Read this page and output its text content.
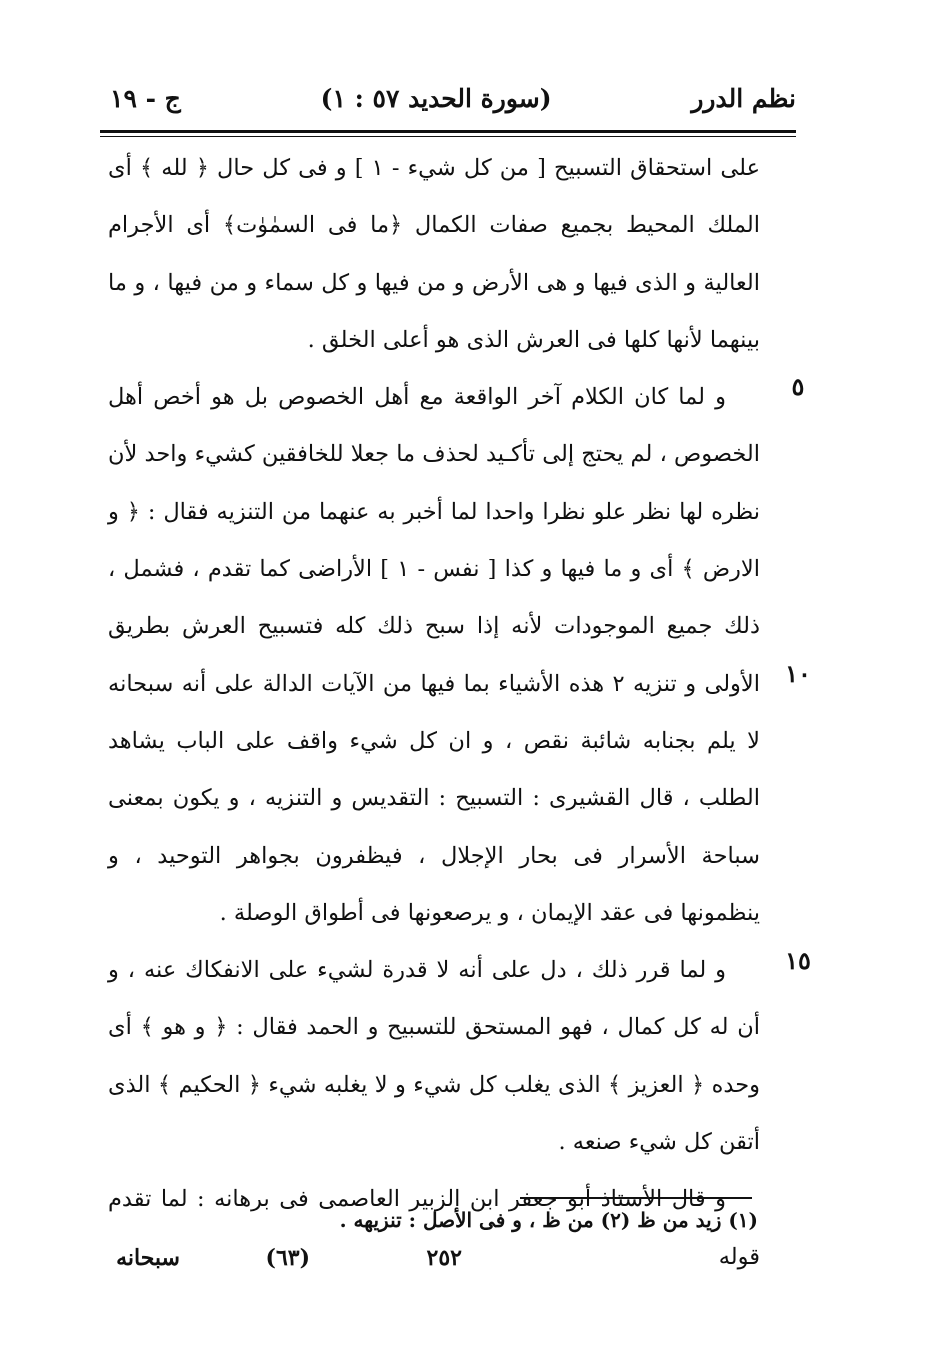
نظم الدرر
(سورة الحديد ٥٧ : ١)
ج - ١٩

على استحقاق التسبيح [ من كل شيء - ١ ] و فى كل حال ﴿ لله ﴾ أى الملك المحيط بجميع صفات الكمال ﴿ما فى السمٰوٰت﴾ أى الأجرام العالية و الذى فيها و هى الأرض و من فيها و كل سماء و من فيها ، و ما بينهما لأنها كلها فى العرش الذى هو أعلى الخلق .

و لما كان الكلام آخر الواقعة مع أهل الخصوص بل هو أخص أهل الخصوص ، لم يحتج إلى تأكـيد لحذف ما جعلا للخافقين كشيء واحد لأن نظره لها نظر علو نظرا واحدا لما أخبر به عنهما من التنزيه فقال : ﴿ و الارض ﴾ أى و ما فيها و كذا [ نفس - ١ ] الأراضى كما تقدم ، فشمل ، ذلك جميع الموجودات لأنه إذا سبح ذلك كله فتسبيح العرش بطريق الأولى و تنزيه ٢ هذه الأشياء بما فيها من الآيات الدالة على أنه سبحانه لا يلم بجنابه شائبة نقص ، و ان كل شيء واقف على الباب يشاهد الطلب ، قال القشيرى : التسبيح : التقديس و التنزيه ، و يكون بمعنى سباحة الأسرار فى بحار الإجلال ، فيظفرون بجواهر التوحيد ، و ينظمونها فى عقد الإيمان ، و يرصعونها فى أطواق الوصلة .

و لما قرر ذلك ، دل على أنه لا قدرة لشيء على الانفكاك عنه ، و أن له كل كمال ، فهو المستحق للتسبيح و الحمد فقال : ﴿ و هو ﴾ أى وحده ﴿ العزيز ﴾ الذى يغلب كل شيء و لا يغلبه شيء ﴿ الحكيم ﴾ الذى أتقن كل شيء صنعه .

و قال الأستاذ أبو جعفر ابن الزبير العاصمى فى برهانه : لما تقدم قوله

٥
١٠
١٥
(١) زيد من ظ (٢) من ظ ، و فى الأصل : تنزيهه .
٢٥٢
(٦٣)
سبحانه
